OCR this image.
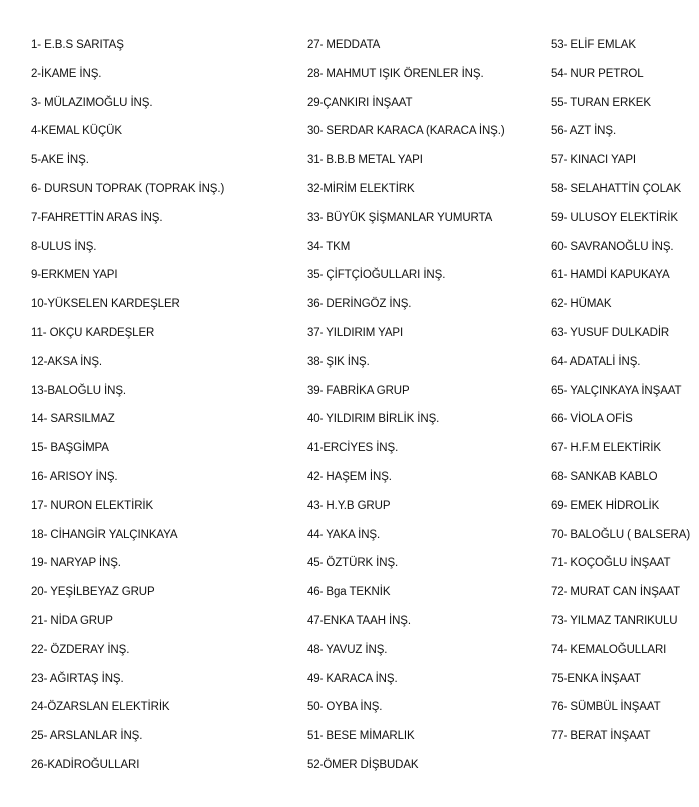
1- E.B.S SARITAŞ
2-İKAME İNŞ.
3- MÜLAZIMOĞLU İNŞ.
4-KEMAL KÜÇÜK
5-AKE İNŞ.
6- DURSUN TOPRAK (TOPRAK İNŞ.)
7-FAHRETTİN ARAS İNŞ.
8-ULUS İNŞ.
9-ERKMEN YAPI
10-YÜKSELEN KARDEŞLER
11- OKÇU KARDEŞLER
12-AKSA İNŞ.
13-BALOĞLU İNŞ.
14- SARSILMAZ
15- BAŞGİMPA
16- ARISOY İNŞ.
17- NURON ELEKTİRİK
18- CİHANGİR YALÇINKAYA
19- NARYAP İNŞ.
20- YEŞİLBEYAZ GRUP
21- NİDA GRUP
22- ÖZDERAY İNŞ.
23- AĞIRTAŞ İNŞ.
24-ÖZARSLAN ELEKTİRİK
25- ARSLANLAR İNŞ.
26-KADİROĞULLARI
27- MEDDATA
28- MAHMUT IŞIK ÖRENLER İNŞ.
29-ÇANKIRI İNŞAAT
30- SERDAR KARACA (KARACA İNŞ.)
31- B.B.B METAL YAPI
32-MİRİM ELEKTİRK
33- BÜYÜK ŞİŞMANLAR YUMURTA
34- TKM
35- ÇİFTÇİOĞULLARI İNŞ.
36- DERİNGÖZ İNŞ.
37- YILDIRIM YAPI
38- ŞIK İNŞ.
39- FABRİKA GRUP
40- YILDIRIM BİRLİK İNŞ.
41-ERCİYES İNŞ.
42- HAŞEM İNŞ.
43- H.Y.B GRUP
44- YAKA İNŞ.
45- ÖZTÜRK İNŞ.
46- Bga TEKNİK
47-ENKA TAAH İNŞ.
48- YAVUZ İNŞ.
49- KARACA İNŞ.
50- OYBA İNŞ.
51- BESE MİMARLIK
52-ÖMER DİŞBUDAK
53- ELİF EMLAK
54- NUR PETROL
55- TURAN ERKEK
56- AZT İNŞ.
57- KINACI YAPI
58- SELAHATTİN ÇOLAK
59- ULUSOY ELEKTİRİK
60- SAVRANOĞLU İNŞ.
61- HAMDİ KAPUKAYA
62- HÜMAK
63- YUSUF DULKADİR
64- ADATALİ İNŞ.
65- YALÇINKAYA İNŞAAT
66- VİOLA OFİS
67- H.F.M ELEKTİRİK
68- SANKAB KABLO
69- EMEK HİDROLİK
70- BALOĞLU ( BALSERA)
71- KOÇOĞLU İNŞAAT
72- MURAT CAN İNŞAAT
73- YILMAZ TANRIKULU
74- KEMALOĞULLARI
75-ENKA İNŞAAT
76- SÜMBÜL İNŞAAT
77- BERAT İNŞAAT
